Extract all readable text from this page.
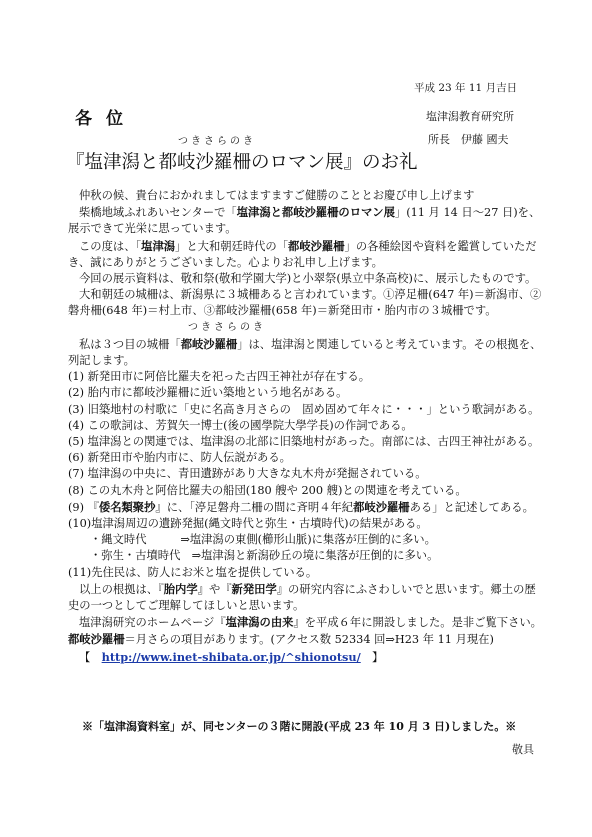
平成 23 年 11 月吉日
各位	塩津潟教育研究所
所長　伊藤 國夫
つきさらのき
『塩津潟と都岐沙羅柵のロマン展』のお礼

仲秋の候、貴台におかれましてはますますご健勝のこととお慶び申し上げます

柴橋地域ふれあいセンターで「塩津潟と都岐沙羅柵のロマン展」(11 月 14 日～27 日)を、

展示できて光栄に思っています。

この度は、「塩津潟」と大和朝廷時代の「都岐沙羅柵」の各種絵図や資料を鑑賞していただ

き、誠にありがとうございました。心よりお礼申し上げます。

今回の展示資料は、敬和祭(敬和学園大学)と小翠祭(県立中条高校)に、展示したものです。

大和朝廷の城柵は、新潟県に３城柵あると言われています。①渟足柵(647 年)＝新潟市、②

磐舟柵(648 年)＝村上市、③都岐沙羅柵(658 年)＝新発田市・胎内市の３城柵です。

つきさらのき

私は３つ目の城柵「都岐沙羅柵」は、塩津潟と関連していると考えています。その根拠を、

列記します。

(1) 新発田市に阿倍比羅夫を祀った古四王神社が存在する。

(2) 胎内市に都岐沙羅柵に近い築地という地名がある。

(3) 旧築地村の村歌に「史に名高き月さらの　固め固めて年々に・・・」という歌詞がある。

(4) この歌詞は、芳賀矢一博士(後の國學院大學学長)の作詞である。

(5) 塩津潟との関連では、塩津潟の北部に旧築地村があった。南部には、古四王神社がある。

(6) 新発田市や胎内市に、防人伝説がある。

(7) 塩津潟の中央に、青田遺跡があり大きな丸木舟が発掘されている。

(8) この丸木舟と阿倍比羅夫の船団(180 艘や 200 艘)との関連を考えている。

(9) 『倭名類聚抄』に、「渟足磐舟二柵の間に斉明４年紀都岐沙羅柵ある」と記述してある。

(10)塩津潟周辺の遺跡発掘(縄文時代と弥生・古墳時代)の結果がある。

・縄文時代　　　⇒塩津潟の東側(櫛形山脈)に集落が圧倒的に多い。

・弥生・古墳時代　⇒塩津潟と新潟砂丘の境に集落が圧倒的に多い。

(11)先住民は、防人にお米と塩を提供している。

以上の根拠は、『胎内学』や『新発田学』の研究内容にふさわしいでと思います。郷土の歴

史の一つとしてご理解してほしいと思います。

塩津潟研究のホームページ『塩津潟の由来』を平成６年に開設しました。是非ご覧下さい。

都岐沙羅柵＝月さらの項目があります。(アクセス数 52334 回⇒H23 年 11 月現在)

【　http://www.inet-shibata.or.jp/^shionotsu/　】

※「塩津潟資料室」が、同センターの３階に開設(平成 23 年 10 月 3 日)しました。※
敬具
